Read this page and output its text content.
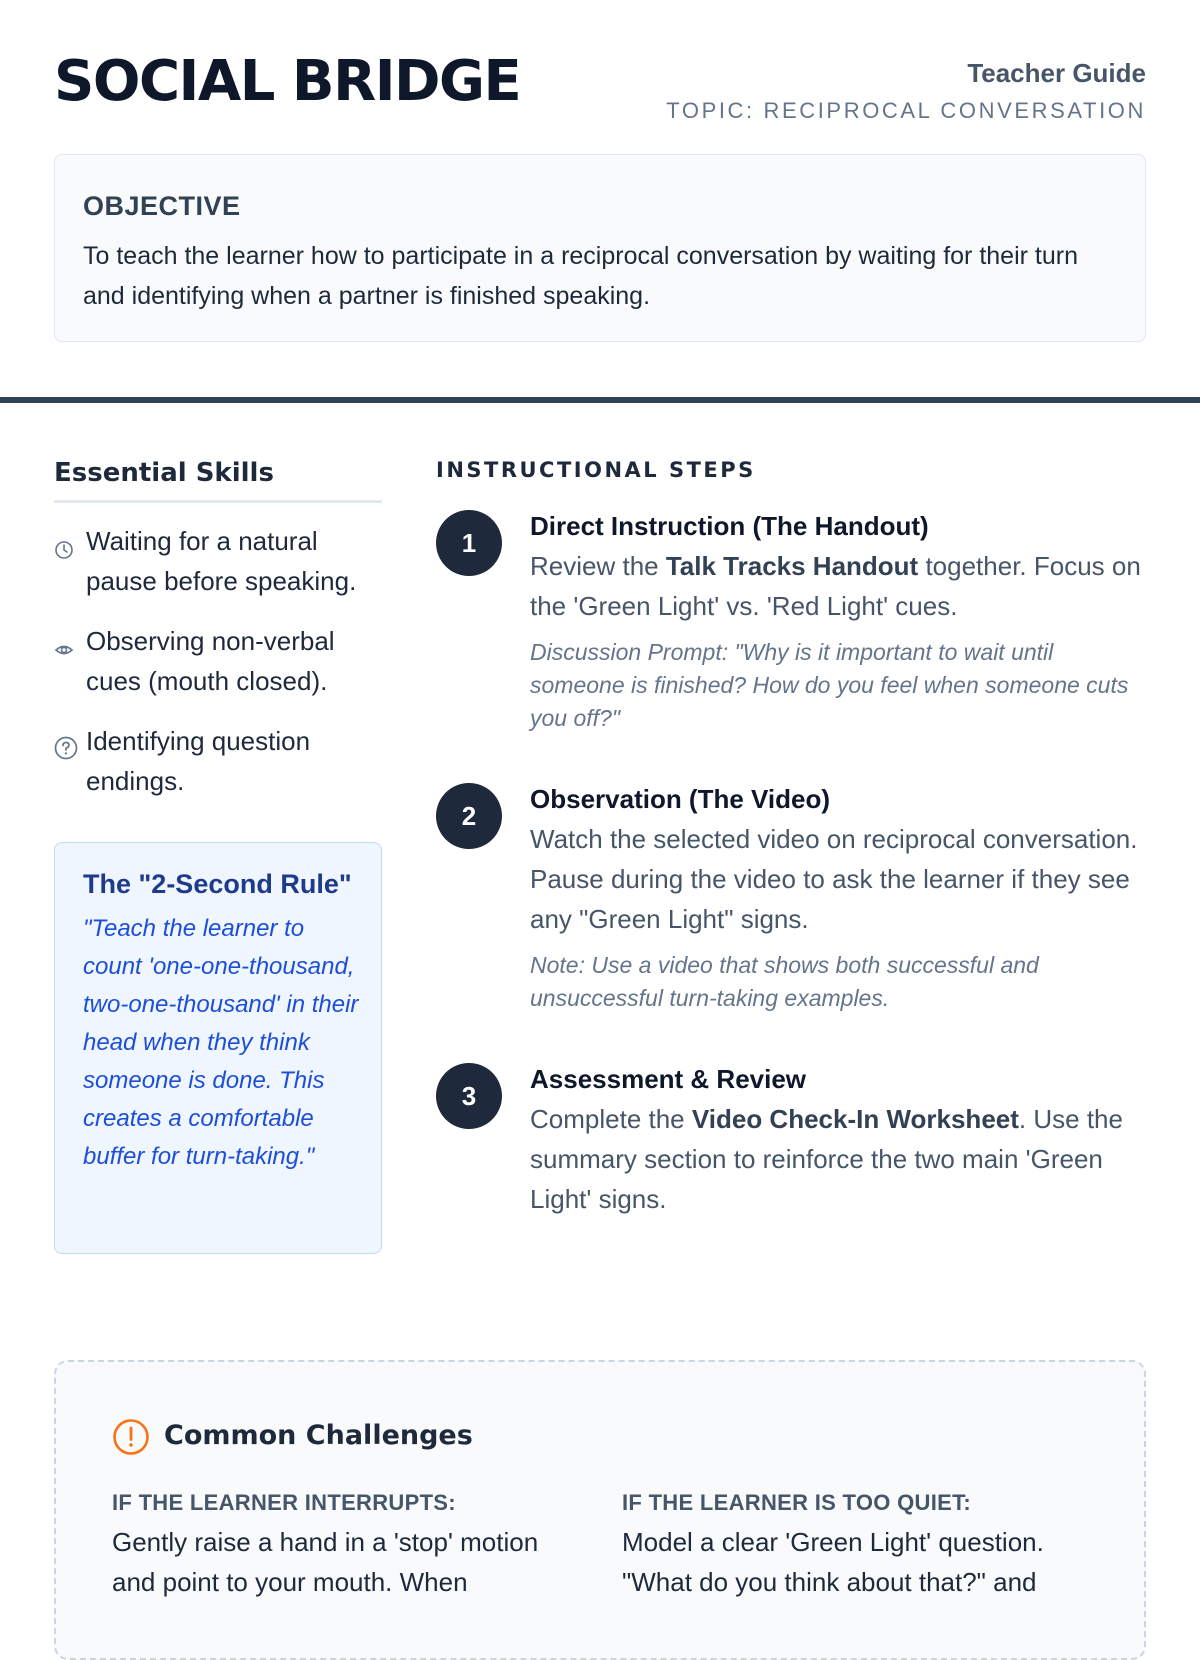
SOCIAL BRIDGE	Teacher Guide
TOPIC: RECIPROCAL CONVERSATION
OBJECTIVE
To teach the learner how to participate in a reciprocal conversation by waiting for their turn and identifying when a partner is finished speaking.
Essential Skills
Waiting for a natural pause before speaking.
Observing non-verbal cues (mouth closed).
Identifying question endings.
The "2-Second Rule"
"Teach the learner to count 'one-one-thousand, two-one-thousand' in their head when they think someone is done. This creates a comfortable buffer for turn-taking."
INSTRUCTIONAL STEPS
1
Direct Instruction (The Handout)
Review the Talk Tracks Handout together. Focus on the 'Green Light' vs. 'Red Light' cues.
Discussion Prompt: "Why is it important to wait until someone is finished? How do you feel when someone cuts you off?"
2
Observation (The Video)
Watch the selected video on reciprocal conversation. Pause during the video to ask the learner if they see any "Green Light" signs.
Note: Use a video that shows both successful and unsuccessful turn-taking examples.
3
Assessment & Review
Complete the Video Check-In Worksheet. Use the summary section to reinforce the two main 'Green Light' signs.
Common Challenges
IF THE LEARNER INTERRUPTS:
Gently raise a hand in a 'stop' motion and point to your mouth. When
IF THE LEARNER IS TOO QUIET:
Model a clear 'Green Light' question. "What do you think about that?" and
